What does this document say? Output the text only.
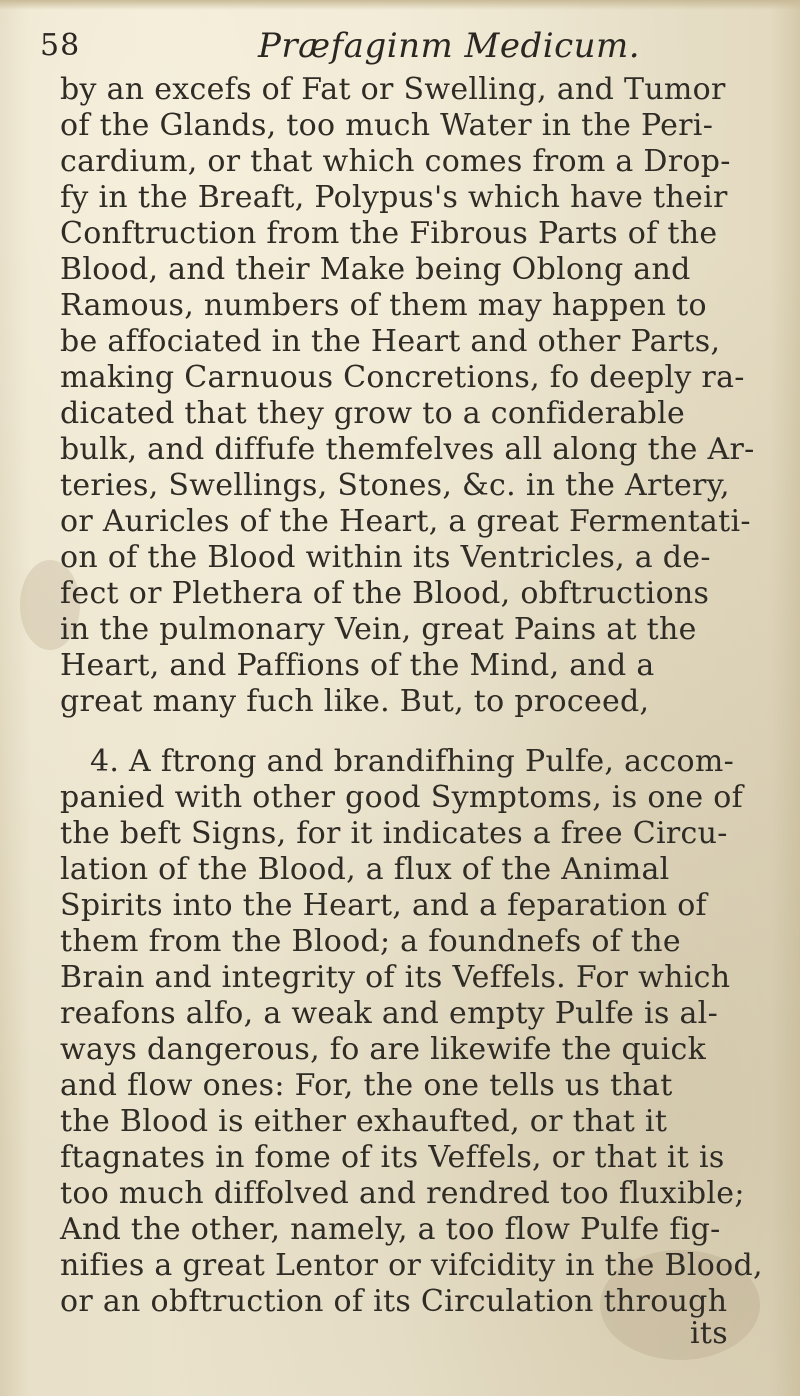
58	Præfaginm Medicum.
by an excefs of Fat or Swelling, and Tumor
of the Glands, too much Water in the Peri-
cardium, or that which comes from a Drop-
fy in the Breaft, Polypus's which have their
Conftruction from the Fibrous Parts of the
Blood, and their Make being Oblong and
Ramous, numbers of them may happen to
be affociated in the Heart and other Parts,
making Carnuous Concretions, fo deeply ra-
dicated that they grow to a confiderable
bulk, and diffufe themfelves all along the Ar-
teries, Swellings, Stones, &c. in the Artery,
or Auricles of the Heart, a great Fermentati-
on of the Blood within its Ventricles, a de-
fect or Plethera of the Blood, obftructions
in the pulmonary Vein, great Pains at the
Heart, and Paffions of the Mind, and a
great many fuch like. But, to proceed,
4. A ftrong and brandifhing Pulfe, accom-
panied with other good Symptoms, is one of
the beft Signs, for it indicates a free Circu-
lation of the Blood, a flux of the Animal
Spirits into the Heart, and a feparation of
them from the Blood; a foundnefs of the
Brain and integrity of its Veffels. For which
reafons alfo, a weak and empty Pulfe is al-
ways dangerous, fo are likewife the quick
and flow ones: For, the one tells us that
the Blood is either exhaufted, or that it
ftagnates in fome of its Veffels, or that it is
too much diffolved and rendred too fluxible;
And the other, namely, a too flow Pulfe fig-
nifies a great Lentor or vifcidity in the Blood,
or an obftruction of its Circulation through
its
